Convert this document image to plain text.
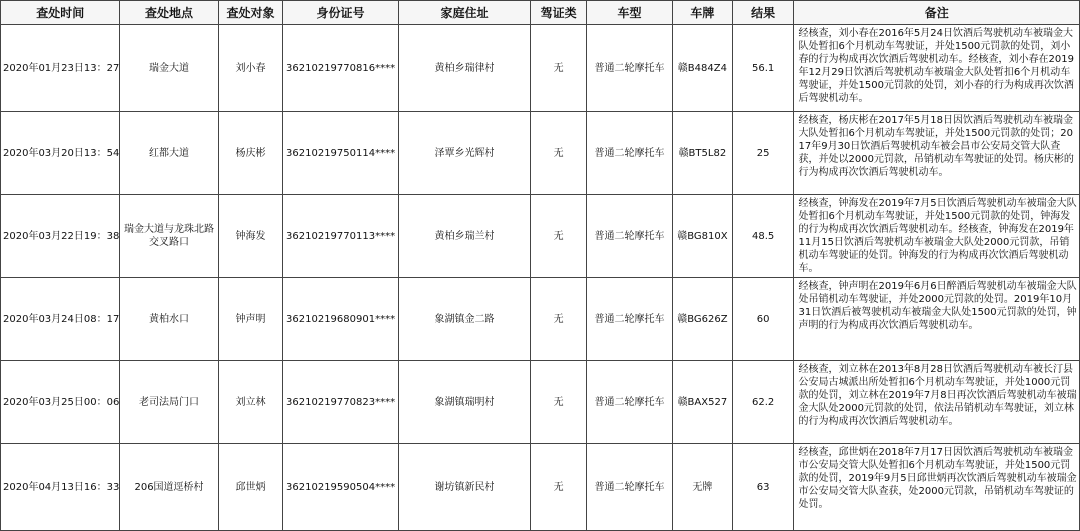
查处时间	查处地点	查处对象	身份证号	家庭住址	驾证类	车型	车牌	结果	备注
2020年01月23日13：27	瑞金大道	刘小春	36210219770816****	黄柏乡瑞律村	无	普通二轮摩托车	赣B484Z4	56.1	经核查，刘小春在2016年5月24日饮酒后驾驶机动车被瑞金大队处暂扣6个月机动车驾驶证，并处1500元罚款的处罚，刘小春的行为构成再次饮酒后驾驶机动车。经核查，刘小春在2019年12月29日饮酒后驾驶机动车被瑞金大队处暂扣6个月机动车驾驶证，并处1500元罚款的处罚，刘小春的行为构成再次饮酒后驾驶机动车。
2020年03月20日13：54	红都大道	杨庆彬	36210219750114****	泽覃乡光辉村	无	普通二轮摩托车	赣BT5L82	25	经核查，杨庆彬在2017年5月18日因饮酒后驾驶机动车被瑞金大队处暂扣6个月机动车驾驶证，并处1500元罚款的处罚；2017年9月30日饮酒后驾驶机动车被会昌市公安局交管大队查获，并处以2000元罚款，吊销机动车驾驶证的处罚。杨庆彬的行为构成再次饮酒后驾驶机动车。
2020年03月22日19：38	瑞金大道与龙珠北路交叉路口	钟海发	36210219770113****	黄柏乡瑞兰村	无	普通二轮摩托车	赣BG810X	48.5	经核查，钟海发在2019年7月5日饮酒后驾驶机动车被瑞金大队处暂扣6个月机动车驾驶证，并处1500元罚款的处罚，钟海发的行为构成再次饮酒后驾驶机动车。经核查，钟海发在2019年11月15日饮酒后驾驶机动车被瑞金大队处2000元罚款，吊销机动车驾驶证的处罚。钟海发的行为构成再次饮酒后驾驶机动车。
2020年03月24日08：17	黄柏水口	钟声明	36210219680901****	象湖镇金二路	无	普通二轮摩托车	赣BG626Z	60	经核查，钟声明在2019年6月6日醉酒后驾驶机动车被瑞金大队处吊销机动车驾驶证，并处2000元罚款的处罚。2019年10月31日饮酒后被驾驶机动车被瑞金大队处1500元罚款的处罚，钟声明的行为构成再次饮酒后驾驶机动车。
2020年03月25日00：06	老司法局门口	刘立林	36210219770823****	象湖镇瑞明村	无	普通二轮摩托车	赣BAX527	62.2	经核查，刘立林在2013年8月28日饮酒后驾驶机动车被长汀县公安局古城派出所处暂扣6个月机动车驾驶证，并处1000元罚款的处罚，刘立林在2019年7月8日再次饮酒后驾驶机动车被瑞金大队处2000元罚款的处罚，依法吊销机动车驾驶证，刘立林的行为构成再次饮酒后驾驶机动车。
2020年04月13日16：33	206国道逕桥村	邱世炳	36210219590504****	谢坊镇新民村	无	普通二轮摩托车	无牌	63	经核查，邱世炳在2018年7月17日因饮酒后驾驶机动车被瑞金市公安局交管大队处暂扣6个月机动车驾驶证，并处1500元罚款的处罚，2019年9月5日邱世炳再次饮酒后驾驶机动车被瑞金市公安局交管大队查获，处2000元罚款，吊销机动车驾驶证的处罚。
